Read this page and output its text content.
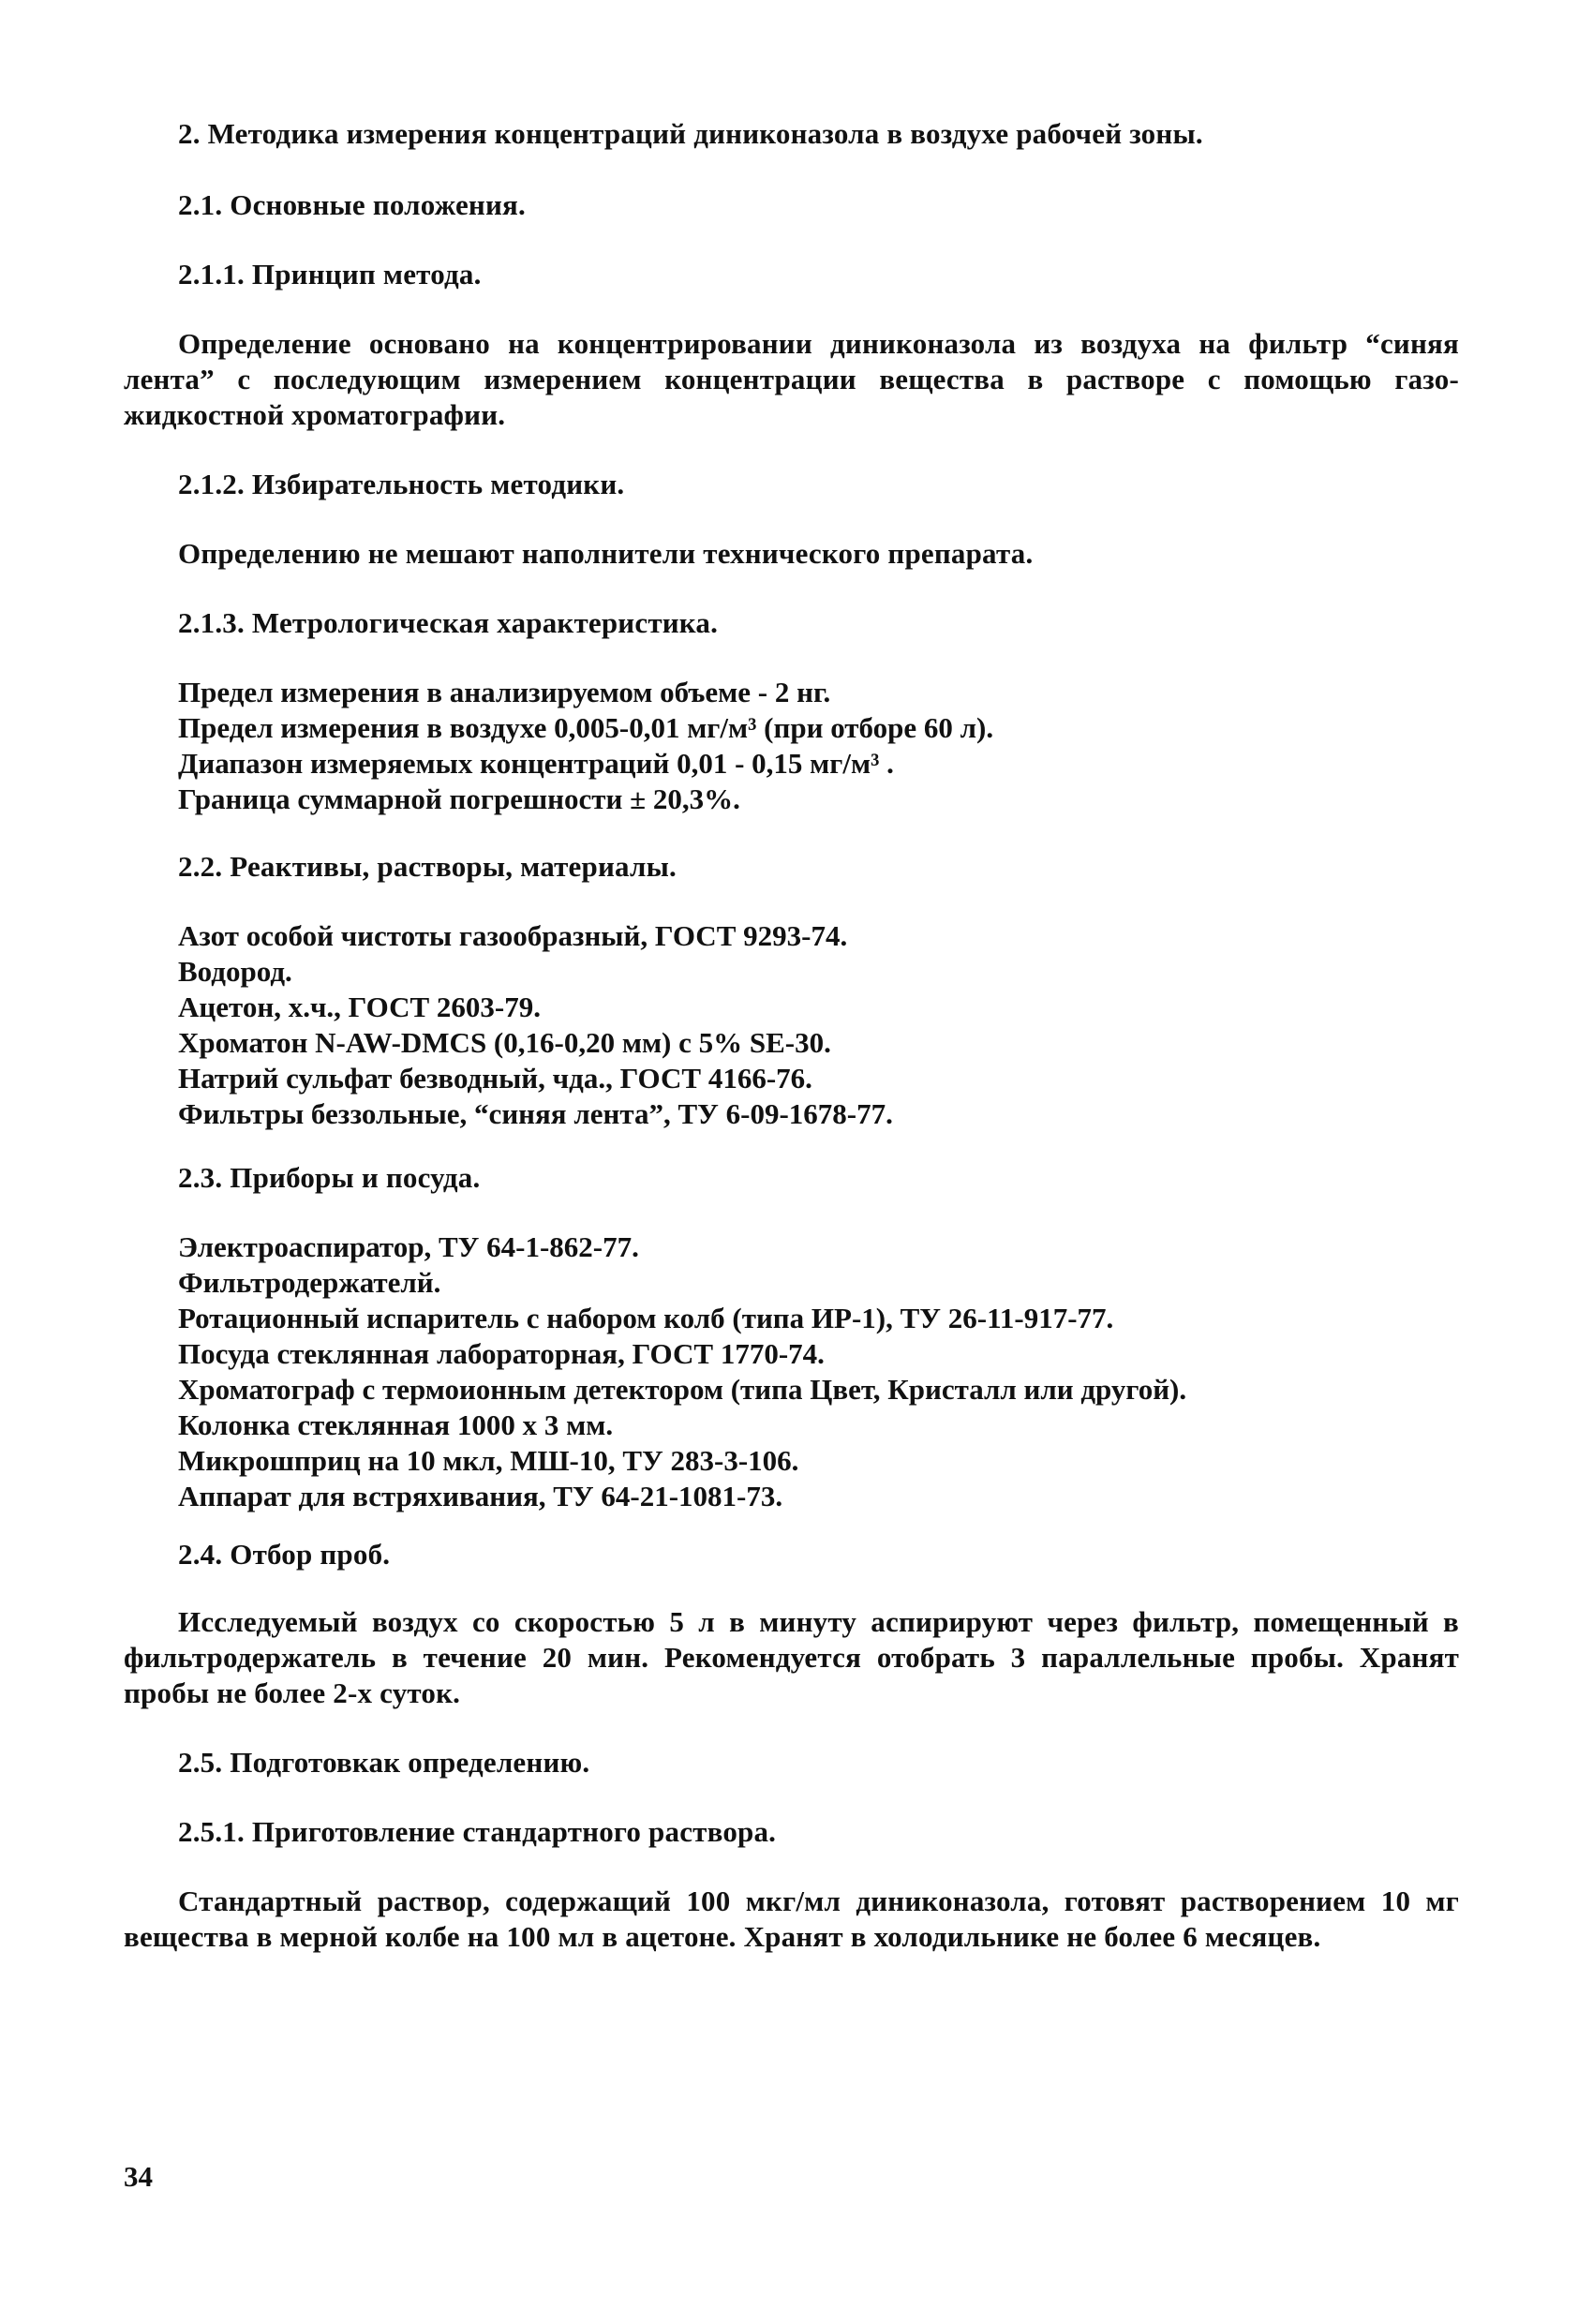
2. Методика измерения концентраций диниконазола в воздухе рабочей зоны.
2.1. Основные положения.
2.1.1. Принцип метода.
Определение основано на концентрировании диниконазола из воздуха на фильтр “синяя лента” с последующим измерением концентрации вещества в растворе с помощью газо-жидкостной хроматографии.
2.1.2. Избирательность методики.
Определению не мешают наполнители технического препарата.
2.1.3. Метрологическая характеристика.
Предел измерения в анализируемом объеме - 2 нг.
Предел измерения в воздухе 0,005-0,01 мг/м³ (при отборе 60 л).
Диапазон измеряемых концентраций 0,01 - 0,15 мг/м³ .
Граница суммарной погрешности ± 20,3%.
2.2. Реактивы, растворы, материалы.
Азот особой чистоты газообразный, ГОСТ 9293-74.
Водород.
Ацетон, х.ч., ГОСТ 2603-79.
Хроматон N-AW-DMCS (0,16-0,20 мм) с 5% SE-30.
Натрий сульфат безводный, чда., ГОСТ 4166-76.
Фильтры беззольные, “синяя лента”, ТУ 6-09-1678-77.
2.3. Приборы и посуда.
Электроаспиратор, ТУ 64-1-862-77.
Фильтродержателй.
Ротационный испаритель с набором колб (типа ИР-1), ТУ 26-11-917-77.
Посуда стеклянная лабораторная, ГОСТ 1770-74.
Хроматограф с термоионным детектором (типа Цвет, Кристалл или другой).
Колонка стеклянная 1000 х 3 мм.
Микрошприц на 10 мкл, МШ-10, ТУ 283-3-106.
Аппарат для встряхивания, ТУ 64-21-1081-73.
2.4. Отбор проб.
Исследуемый воздух со скоростью 5 л в минуту аспирируют через фильтр, помещенный в фильтродержатель в течение 20 мин. Рекомендуется отобрать 3 параллельные пробы. Хранят пробы не более 2-х суток.
2.5. Подготовкак определению.
2.5.1. Приготовление стандартного раствора.
Стандартный раствор, содержащий 100 мкг/мл диниконазола, готовят растворением 10 мг вещества в мерной колбе на 100 мл в ацетоне. Хранят в холодильнике не более 6 месяцев.
34
